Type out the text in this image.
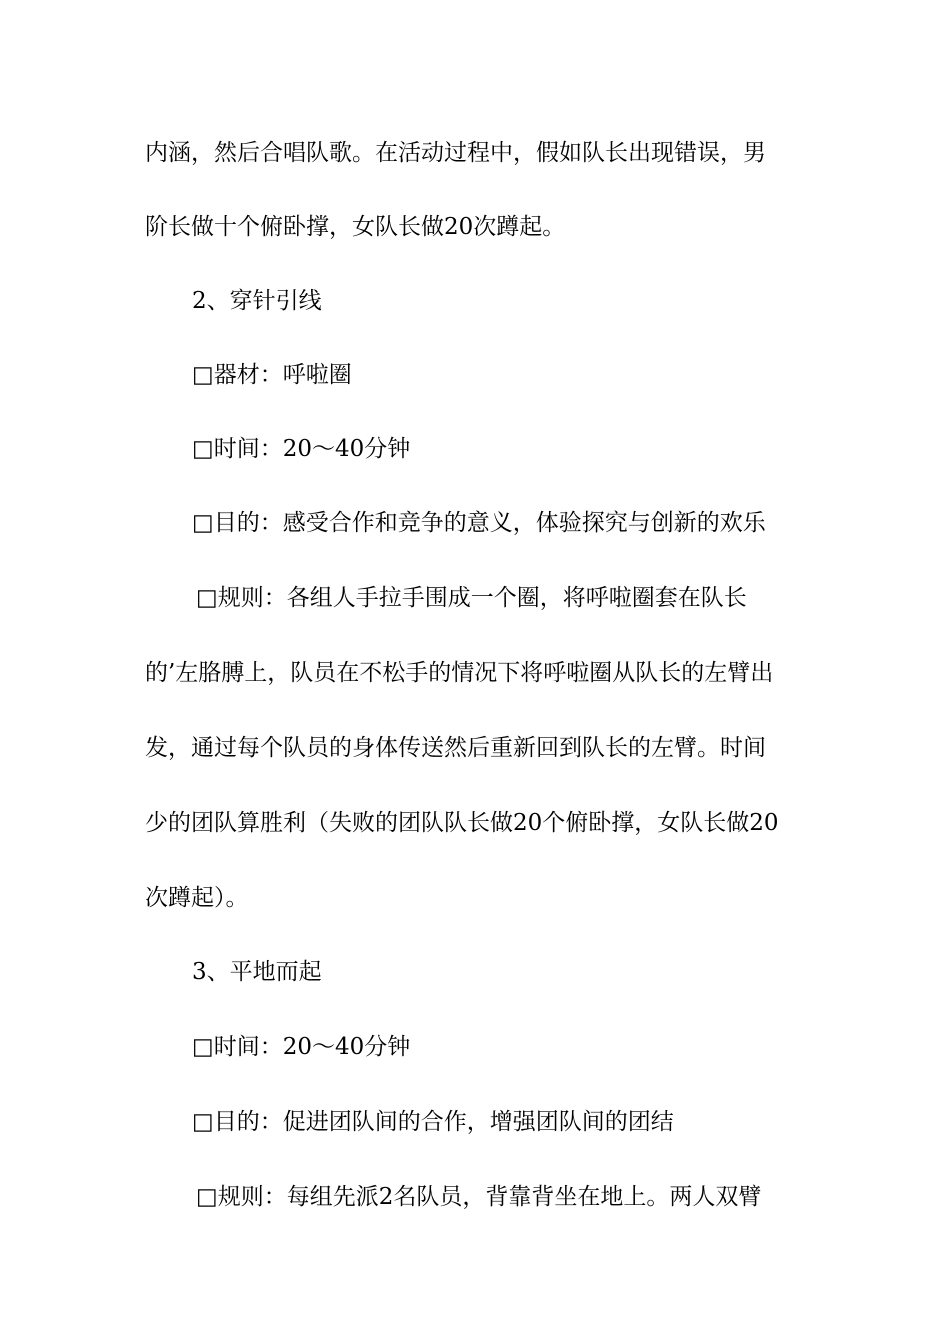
内涵，然后合唱队歌。在活动过程中，假如队长出现错误，男
阶长做十个俯卧撑，女队长做20次蹲起。
2、穿针引线
□器材：呼啦圈
□时间：20～40分钟
□目的：感受合作和竞争的意义，体验探究与创新的欢乐
□规则：各组人手拉手围成一个圈，将呼啦圈套在队长
的’左胳膊上，队员在不松手的情况下将呼啦圈从队长的左臂出
发，通过每个队员的身体传送然后重新回到队长的左臂。时间
少的团队算胜利（失败的团队队长做20个俯卧撑，女队长做20
次蹲起）。
3、平地而起
□时间：20～40分钟
□目的：促进团队间的合作，增强团队间的团结
□规则：每组先派2名队员，背靠背坐在地上。两人双臂
